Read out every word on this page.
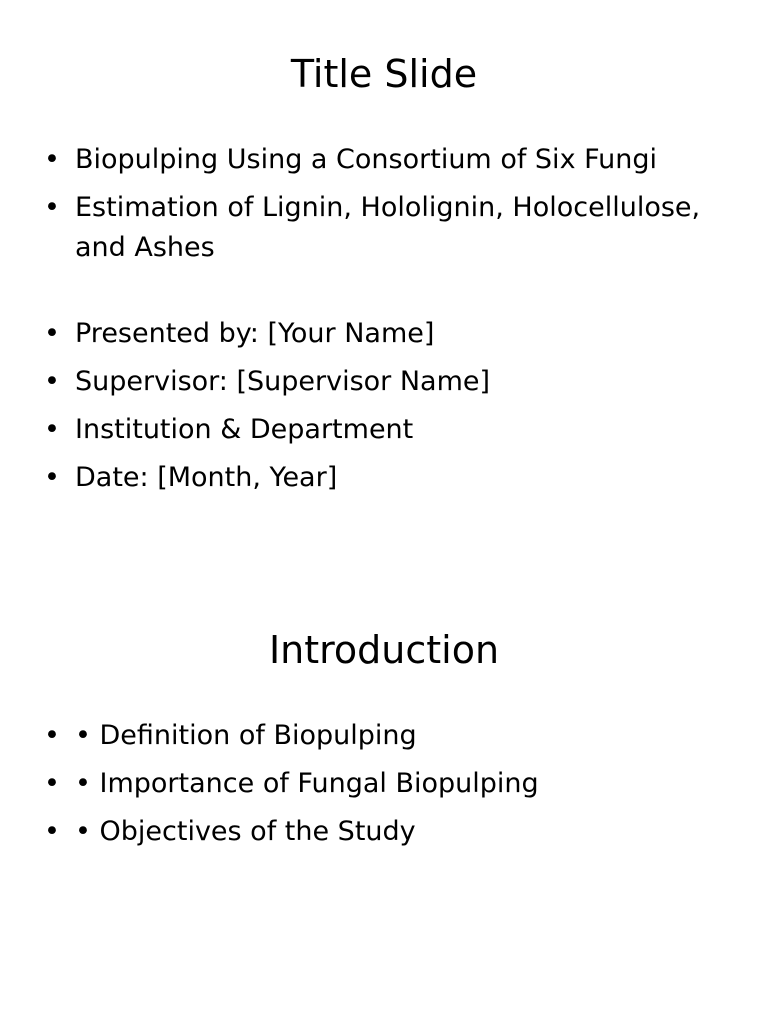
Title Slide
• Biopulping Using a Consortium of Six Fungi
• Estimation of Lignin, Hololignin, Holocellulose, and Ashes
• Presented by: [Your Name]
• Supervisor: [Supervisor Name]
• Institution & Department
• Date: [Month, Year]
Introduction
• • Definition of Biopulping
• • Importance of Fungal Biopulping
• • Objectives of the Study
